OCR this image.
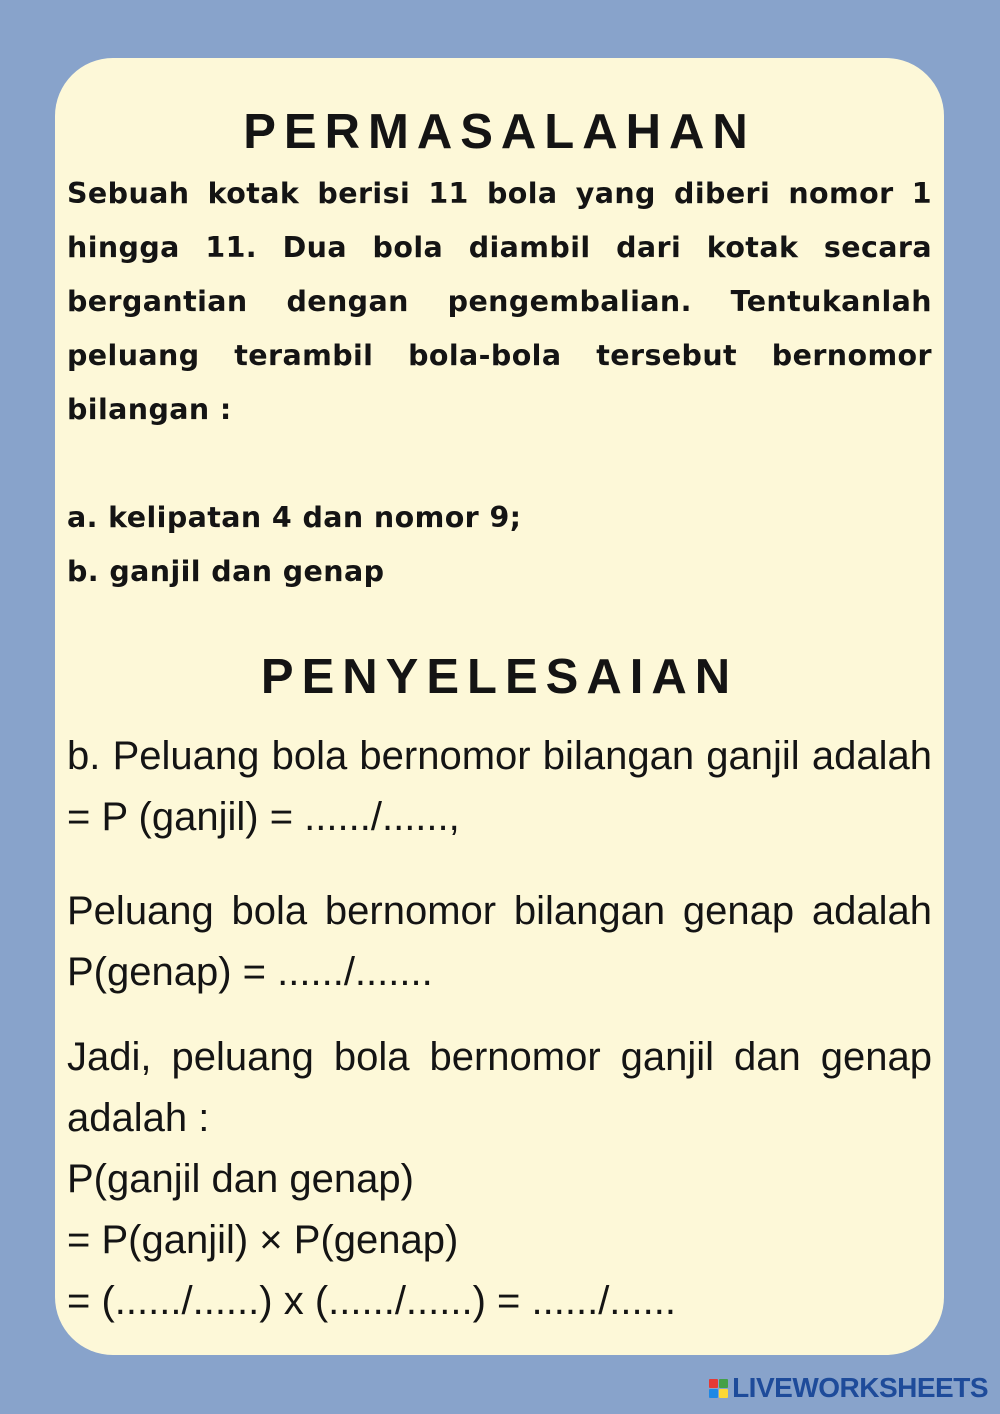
PERMASALAHAN

Sebuah kotak berisi 11 bola yang diberi nomor 1 hingga 11. Dua bola diambil dari kotak secara bergantian dengan pengembalian. Tentukanlah peluang terambil bola-bola tersebut bernomor bilangan :

a. kelipatan 4 dan nomor 9;

b. ganjil dan genap

PENYELESAIAN

b. Peluang bola bernomor bilangan ganjil adalah = P (ganjil) = ....../......,

Peluang bola bernomor bilangan genap adalah P(genap) = ....../.......

Jadi, peluang bola bernomor ganjil dan genap adalah :

P(ganjil dan genap)

= P(ganjil) × P(genap)

= (....../......) x (....../......) = ....../......

LIVEWORKSHEETS
